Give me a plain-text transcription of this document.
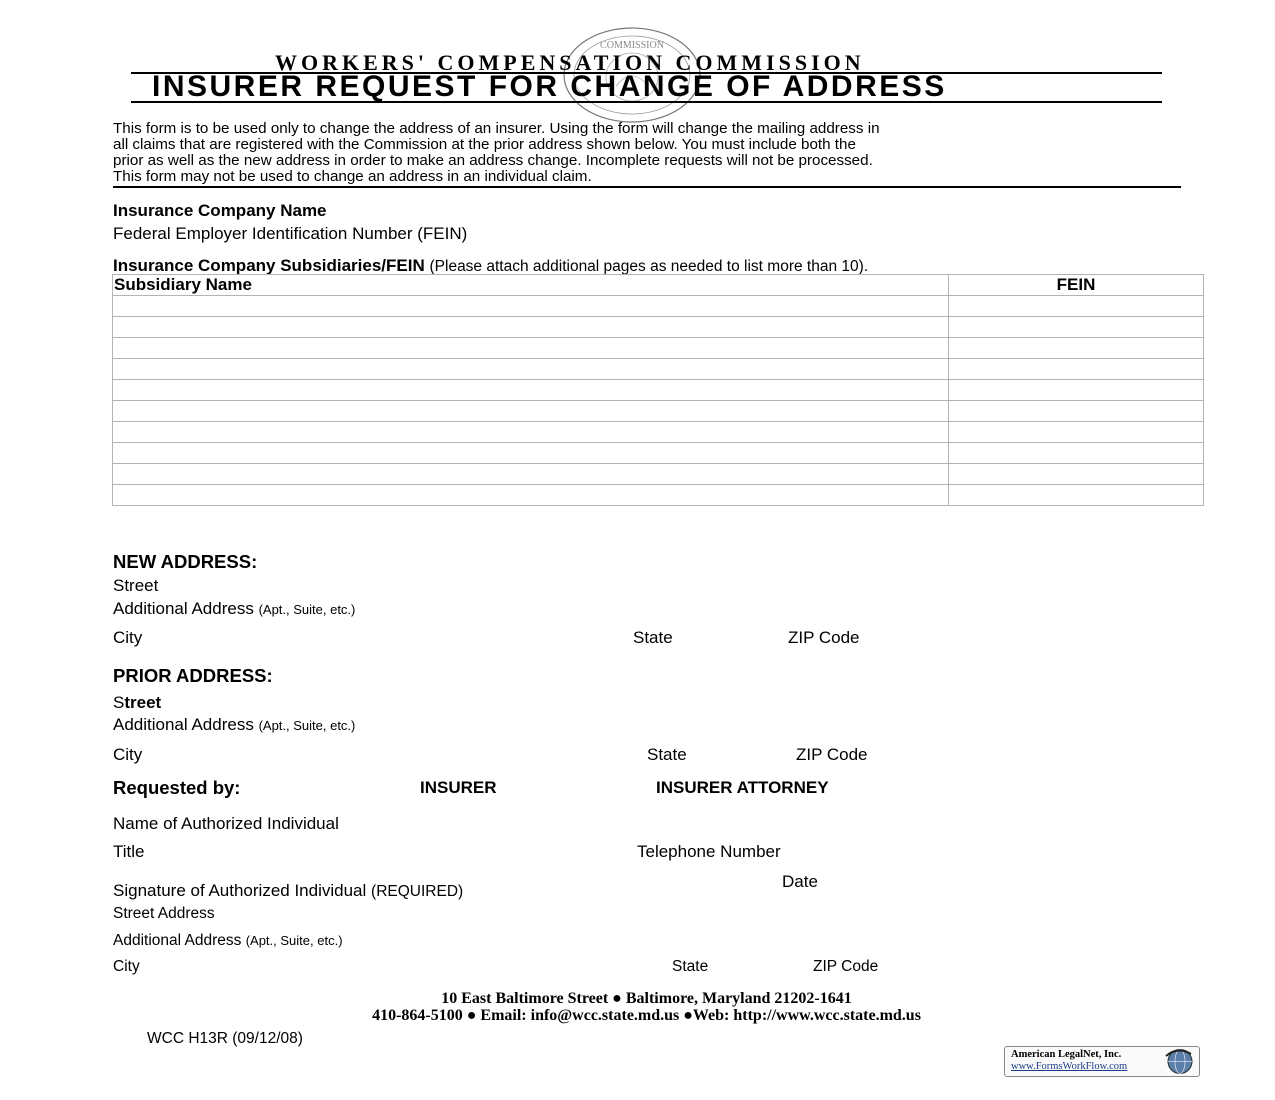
COMMISSION
WORKERS' COMPENSATION COMMISSION
INSURER REQUEST FOR CHANGE OF ADDRESS
This form is to be used only to change the address of an insurer. Using the form will change the mailing address in
all claims that are registered with the Commission at the prior address shown below. You must include both the
prior as well as the new address in order to make an address change. Incomplete requests will not be processed.
This form may not be used to change an address in an individual claim.
Insurance Company Name
Federal Employer Identification Number (FEIN)
Insurance Company Subsidiaries/FEIN (Please attach additional pages as needed to list more than 10).
Subsidiary Name	FEIN

NEW ADDRESS:
Street
Additional Address (Apt., Suite, etc.)
City	State	ZIP Code
PRIOR ADDRESS:
Street
Additional Address (Apt., Suite, etc.)
City	State	ZIP Code
Requested by:	INSURER	INSURER ATTORNEY
Name of Authorized Individual
Title	Telephone Number
Date
Signature of Authorized Individual (REQUIRED)
Street Address
Additional Address (Apt., Suite, etc.)
City	State	ZIP Code
10 East Baltimore Street ● Baltimore, Maryland 21202-1641
410-864-5100 ● Email: info@wcc.state.md.us ●Web: http://www.wcc.state.md.us
WCC H13R (09/12/08)
American LegalNet, Inc.
www.FormsWorkFlow.com
